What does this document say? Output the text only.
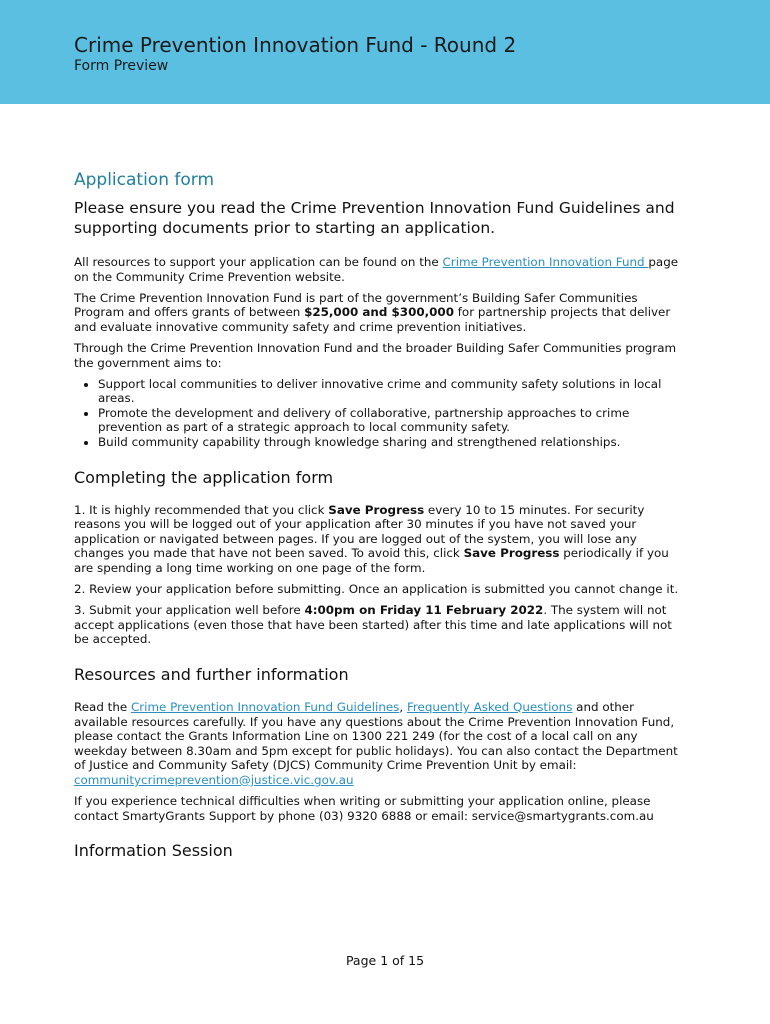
Crime Prevention Innovation Fund - Round 2
Form Preview
Application form
Please ensure you read the Crime Prevention Innovation Fund Guidelines and supporting documents prior to starting an application.

All resources to support your application can be found on the Crime Prevention Innovation Fund page on the Community Crime Prevention website.

The Crime Prevention Innovation Fund is part of the government’s Building Safer Communities Program and offers grants of between $25,000 and $300,000 for partnership projects that deliver and evaluate innovative community safety and crime prevention initiatives.

Through the Crime Prevention Innovation Fund and the broader Building Safer Communities program the government aims to:

• Support local communities to deliver innovative crime and community safety solutions in local areas.
• Promote the development and delivery of collaborative, partnership approaches to crime prevention as part of a strategic approach to local community safety.
• Build community capability through knowledge sharing and strengthened relationships.
Completing the application form

1. It is highly recommended that you click Save Progress every 10 to 15 minutes. For security reasons you will be logged out of your application after 30 minutes if you have not saved your application or navigated between pages. If you are logged out of the system, you will lose any changes you made that have not been saved. To avoid this, click Save Progress periodically if you are spending a long time working on one page of the form.

2. Review your application before submitting. Once an application is submitted you cannot change it.

3. Submit your application well before 4:00pm on Friday 11 February 2022. The system will not accept applications (even those that have been started) after this time and late applications will not be accepted.

Resources and further information

Read the Crime Prevention Innovation Fund Guidelines, Frequently Asked Questions and other available resources carefully. If you have any questions about the Crime Prevention Innovation Fund, please contact the Grants Information Line on 1300 221 249 (for the cost of a local call on any weekday between 8.30am and 5pm except for public holidays). You can also contact the Department of Justice and Community Safety (DJCS) Community Crime Prevention Unit by email: communitycrimeprevention@justice.vic.gov.au

If you experience technical difficulties when writing or submitting your application online, please contact SmartyGrants Support by phone (03) 9320 6888 or email: service@smartygrants.com.au

Information Session
Page 1 of 15
